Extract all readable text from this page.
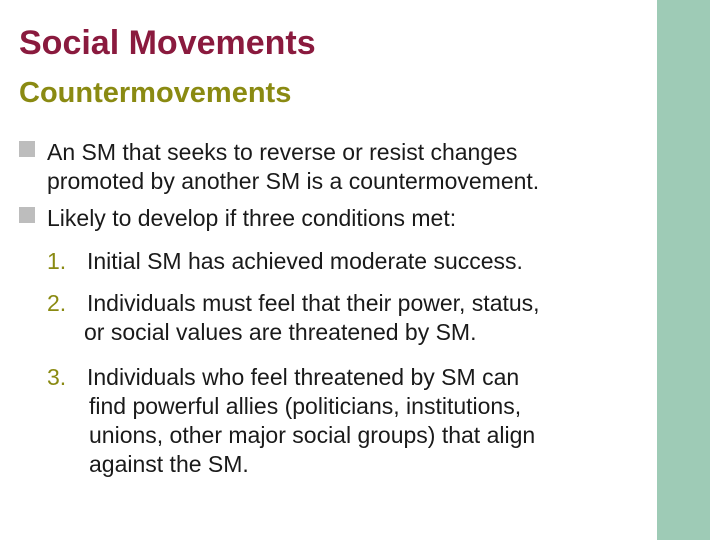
Social Movements
Countermovements
An SM that seeks to reverse or resist changes
promoted by another SM is a countermovement.
Likely to develop if three conditions met:
1. Initial SM has achieved moderate success.
2. Individuals must feel that their power, status,
or social values are threatened by SM.
3. Individuals who feel threatened by SM can
find powerful allies (politicians, institutions,
unions, other major social groups) that align
against the SM.
